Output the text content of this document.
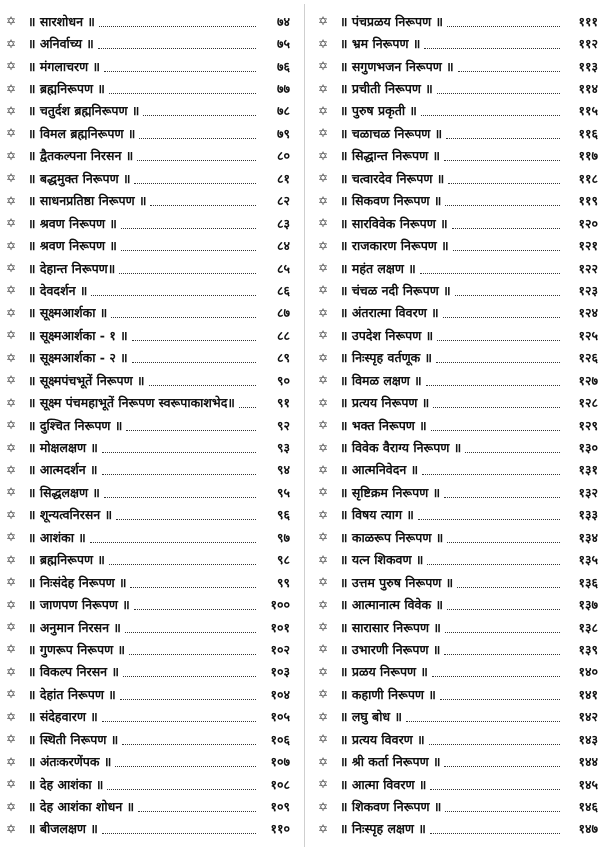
✡ ॥ सारशोधन ॥	७४
✡ ॥ अनिर्वाच्य ॥	७५
✡ ॥ मंगलाचरण ॥	७६
✡ ॥ ब्रह्मनिरूपण ॥	७७
✡ ॥ चतुर्दश ब्रह्मनिरूपण ॥	७८
✡ ॥ विमल ब्रह्मनिरूपण ॥	७९
✡ ॥ द्वैतकल्पना निरसन ॥	८०
✡ ॥ बद्धमुक्त निरूपण ॥	८१
✡ ॥ साधनप्रतिष्ठा निरूपण ॥	८२
✡ ॥ श्रवण निरूपण ॥	८३
✡ ॥ श्रवण निरूपण ॥	८४
✡ ॥ देहान्त निरूपण॥	८५
✡ ॥ देवदर्शन ॥	८६
✡ ॥ सूक्ष्मआर्शका ॥	८७
✡ ॥ सूक्ष्मआर्शका - १ ॥	८८
✡ ॥ सूक्ष्मआर्शका - २ ॥	८९
✡ ॥ सूक्ष्मपंचभूतें निरूपण ॥	९०
✡ ॥ सूक्ष्म पंचमहाभूतें निरूपण स्वरूपाकाशभेद॥	९१
✡ ॥ दुश्चित निरूपण ॥	९२
✡ ॥ मोक्षलक्षण ॥	९३
✡ ॥ आत्मदर्शन ॥	९४
✡ ॥ सिद्धलक्षण ॥	९५
✡ ॥ शून्यत्वनिरसन ॥	९६
✡ ॥ आशंका ॥	९७
✡ ॥ ब्रह्मनिरूपण ॥	९८
✡ ॥ निःसंदेह निरूपण ॥	९९
✡ ॥ जाणपण निरूपण ॥	१००
✡ ॥ अनुमान निरसन ॥	१०१
✡ ॥ गुणरूप निरूपण ॥	१०२
✡ ॥ विकल्प निरसन ॥	१०३
✡ ॥ देहांत निरूपण ॥	१०४
✡ ॥ संदेहवारण ॥	१०५
✡ ॥ स्थिती निरूपण ॥	१०६
✡ ॥ अंतःकरणेंपक ॥	१०७
✡ ॥ देह आशंका ॥	१०८
✡ ॥ देह आशंका शोधन ॥	१०९
✡ ॥ बीजलक्षण ॥	११०
✡ ॥ पंचप्रळय निरूपण ॥	१११
✡ ॥ भ्रम निरूपण ॥	११२
✡ ॥ सगुणभजन निरूपण ॥	११३
✡ ॥ प्रचीती निरूपण ॥	११४
✡ ॥ पुरुष प्रकृती ॥	११५
✡ ॥ चळाचळ निरूपण ॥	११६
✡ ॥ सिद्धान्त निरूपण ॥	११७
✡ ॥ चत्वारदेव निरूपण ॥	११८
✡ ॥ सिकवण निरूपण ॥	११९
✡ ॥ सारविवेक निरूपण ॥	१२०
✡ ॥ राजकारण निरूपण ॥	१२१
✡ ॥ महंत लक्षण ॥	१२२
✡ ॥ चंचळ नदी निरूपण ॥	१२३
✡ ॥ अंतरात्मा विवरण ॥	१२४
✡ ॥ उपदेश निरूपण ॥	१२५
✡ ॥ निःस्पृह वर्तणूक ॥	१२६
✡ ॥ विमळ लक्षण ॥	१२७
✡ ॥ प्रत्यय निरूपण ॥	१२८
✡ ॥ भक्त निरूपण ॥	१२९
✡ ॥ विवेक वैराग्य निरूपण ॥	१३०
✡ ॥ आत्मनिवेदन ॥	१३१
✡ ॥ सृष्टिक्रम निरूपण ॥	१३२
✡ ॥ विषय त्याग ॥	१३३
✡ ॥ काळरूप निरूपण ॥	१३४
✡ ॥ यत्न शिकवण ॥	१३५
✡ ॥ उत्तम पुरुष निरूपण ॥	१३६
✡ ॥ आत्मानात्म विवेक ॥	१३७
✡ ॥ सारासार निरूपण ॥	१३८
✡ ॥ उभारणी निरूपण ॥	१३९
✡ ॥ प्रळय निरूपण ॥	१४०
✡ ॥ कहाणी निरूपण ॥	१४१
✡ ॥ लघु बोध ॥	१४२
✡ ॥ प्रत्यय विवरण ॥	१४३
✡ ॥ श्री कर्ता निरूपण ॥	१४४
✡ ॥ आत्मा विवरण ॥	१४५
✡ ॥ शिकवण निरूपण ॥	१४६
✡ ॥ निःस्पृह लक्षण ॥	१४७
